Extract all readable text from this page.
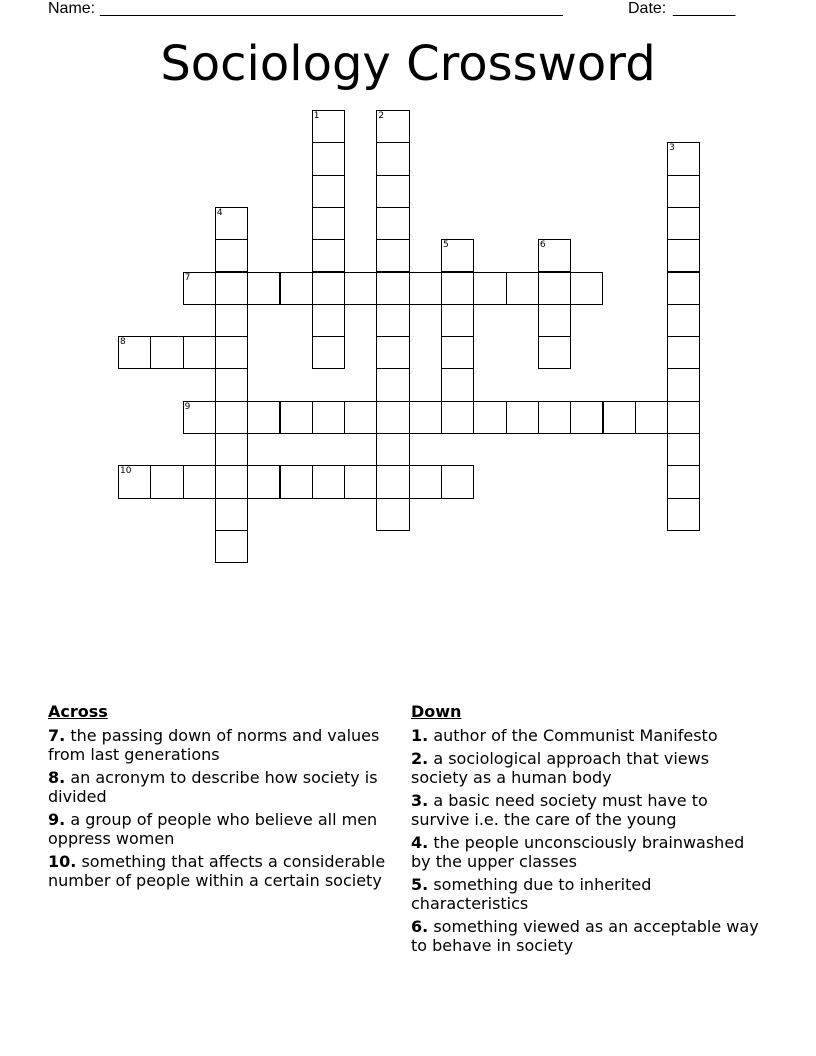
Name: ____________________________________________________	Date: _______
Sociology Crossword
1	2
3
4
5	6
7
8
9
10
Across
7. the passing down of norms and values from last generations
8. an acronym to describe how society is divided
9. a group of people who believe all men oppress women
10. something that affects a considerable number of people within a certain society
Down
1. author of the Communist Manifesto
2. a sociological approach that views society as a human body
3. a basic need society must have to survive i.e. the care of the young
4. the people unconsciously brainwashed by the upper classes
5. something due to inherited characteristics
6. something viewed as an acceptable way to behave in society
